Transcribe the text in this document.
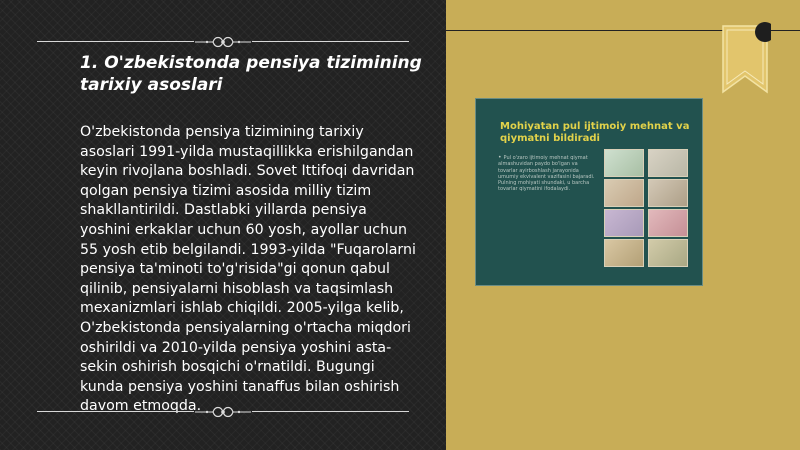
1. O'zbekistonda pensiya tizimining tarixiy asoslari

O'zbekistonda pensiya tizimining tarixiy asoslari 1991-yilda mustaqillikka erishilgandan keyin rivojlana boshladi. Sovet Ittifoqi davridan qolgan pensiya tizimi asosida milliy tizim shakllantirildi. Dastlabki yillarda pensiya yoshini erkaklar uchun 60 yosh, ayollar uchun 55 yosh etib belgilandi. 1993-yilda "Fuqarolarni pensiya ta'minoti to'g'risida"gi qonun qabul qilinib, pensiyalarni hisoblash va taqsimlash mexanizmlari ishlab chiqildi. 2005-yilga kelib, O'zbekistonda pensiyalarning o'rtacha miqdori oshirildi va 2010-yilda pensiya yoshini asta-sekin oshirish bosqichi o'rnatildi. Bugungi kunda pensiya yoshini tanaffus bilan oshirish davom etmoqda.

Mohiyatan pul ijtimoiy mehnat va qiymatni bildiradi

• Pul o'zaro ijtimoiy mehnat qiymat almashuvidan paydo bo'lgan va tovarlar ayirboshlash jarayonida umumiy ekvivalent vazifasini bajaradi. Pulning mohiyati shundaki, u barcha tovarlar qiymatini ifodalaydi.
